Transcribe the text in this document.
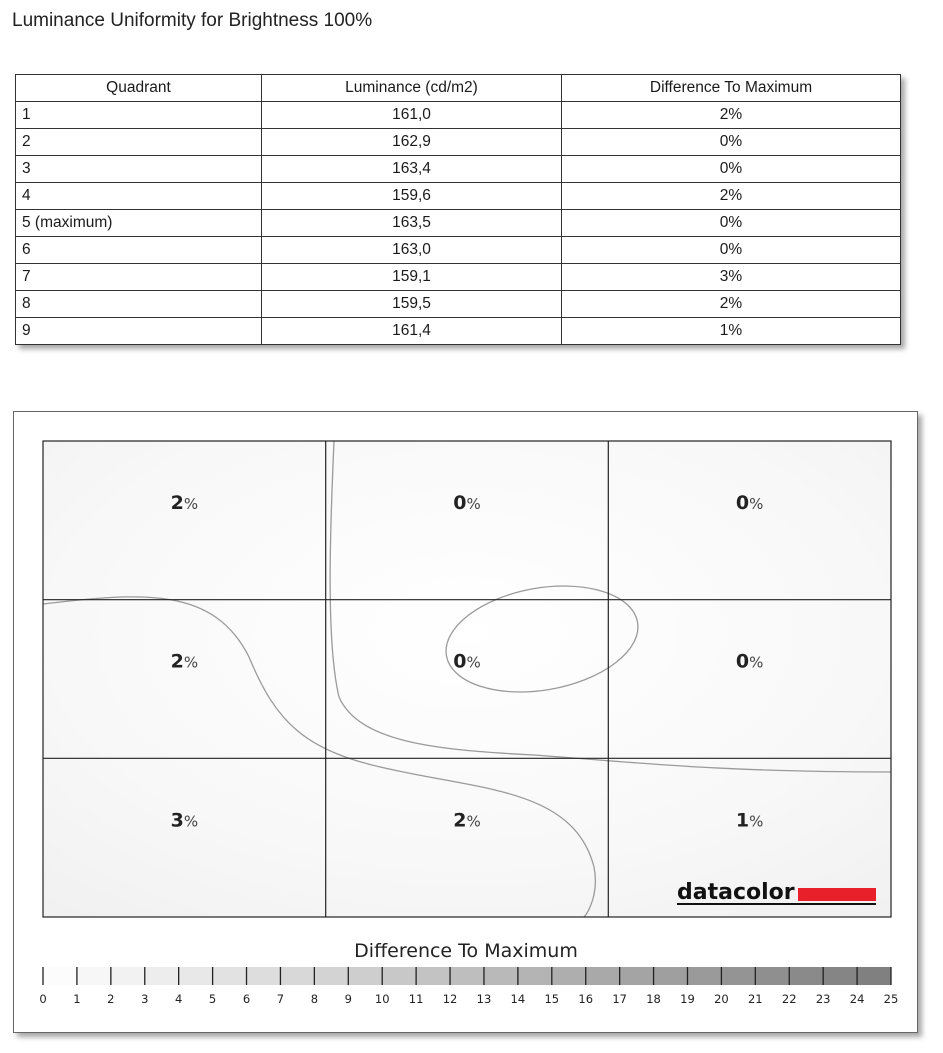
Luminance Uniformity for Brightness 100%
Quadrant	Luminance (cd/m2)	Difference To Maximum
1	161,0	2%
2	162,9	0%
3	163,4	0%
4	159,6	2%
5 (maximum)	163,5	0%
6	163,0	0%
7	159,1	3%
8	159,5	2%
9	161,4	1%
2%	0%	0%
2%	0%	0%
3%	2%	1%
datacolor
Difference To Maximum
0 1 2 3 4 5 6 7 8 9 10 11 12 13 14 15 16 17 18 19 20 21 22 23 24 25
